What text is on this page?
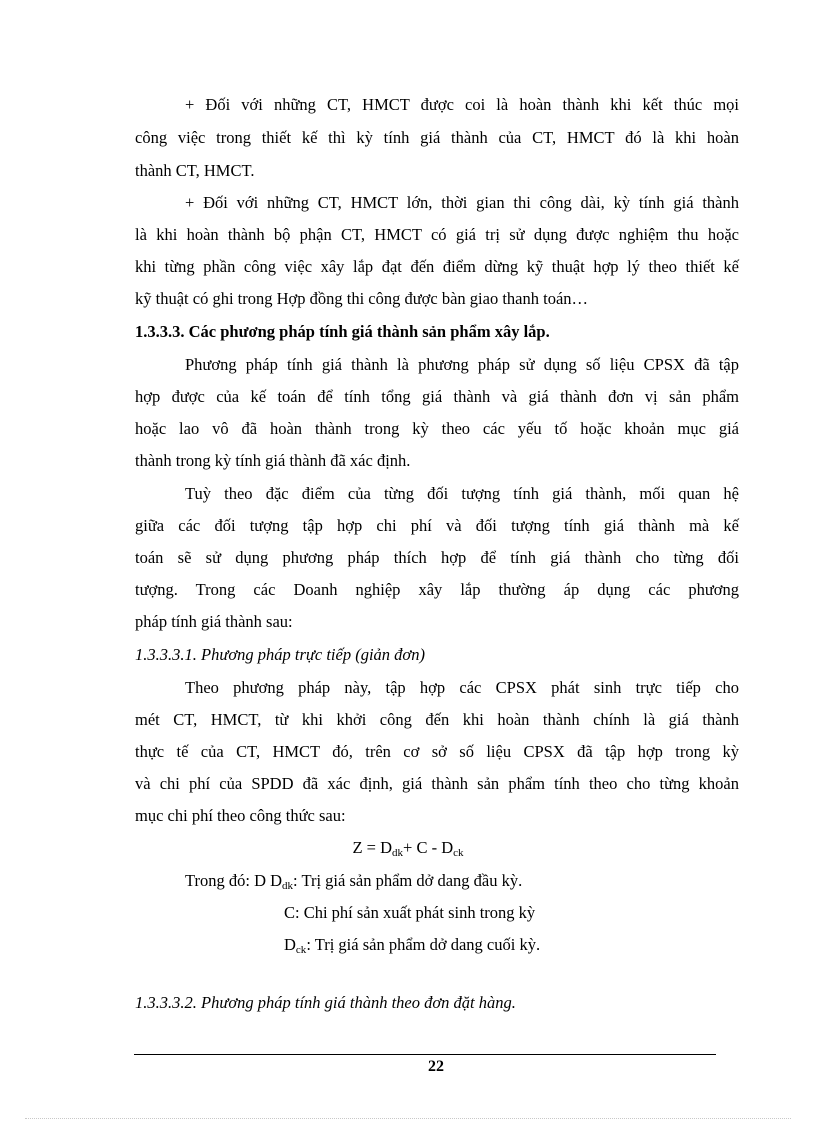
+ Đối với những CT, HMCT được coi là hoàn thành khi kết thúc mọi
công việc trong thiết kế thì kỳ tính giá thành của CT, HMCT đó là khi hoàn
thành CT, HMCT.
+ Đối với những CT, HMCT lớn, thời gian thi công dài, kỳ tính giá thành
là khi hoàn thành bộ phận CT, HMCT có giá trị sử dụng được nghiệm thu hoặc
khi từng phần công việc xây lắp đạt đến điểm dừng kỹ thuật hợp lý theo thiết kế
kỹ thuật có ghi trong Hợp đồng thi công được bàn giao thanh toán…
1.3.3.3. Các phương pháp tính giá thành sản phẩm xây lắp.
Phương pháp tính giá thành là phương pháp sử dụng số liệu CPSX đã tập
hợp được của kế toán để tính tổng giá thành và giá thành đơn vị sản phẩm
hoặc lao vô đã hoàn thành trong kỳ theo các yếu tố hoặc khoản mục giá
thành trong kỳ tính giá thành đã xác định.
Tuỳ theo đặc điểm của từng đối tượng tính giá thành, mối quan hệ
giữa các đối tượng tập hợp chi phí và đối tượng tính giá thành mà kế
toán sẽ sử dụng phương pháp thích hợp để tính giá thành cho từng đối
tượng. Trong các Doanh nghiệp xây lắp thường áp dụng các phương
pháp tính giá thành sau:
1.3.3.3.1. Phương pháp trực tiếp (giản đơn)
Theo phương pháp này, tập hợp các CPSX phát sinh trực tiếp cho
mét CT, HMCT, từ khi khởi công đến khi hoàn thành chính là giá thành
thực tế của CT, HMCT đó, trên cơ sở số liệu CPSX đã tập hợp trong kỳ
và chi phí của SPDD đã xác định, giá thành sản phẩm tính theo cho từng khoản
mục chi phí theo công thức sau:
$Z = D_{dk}+ C - D_{ck}$
Trong đó: D $D_{dk}$: Trị giá sản phẩm dở dang đầu kỳ.
C: Chi phí sản xuất phát sinh trong kỳ
$D_{ck}$: Trị giá sản phẩm dở dang cuối kỳ.
1.3.3.3.2. Phương pháp tính giá thành theo đơn đặt hàng.
22
